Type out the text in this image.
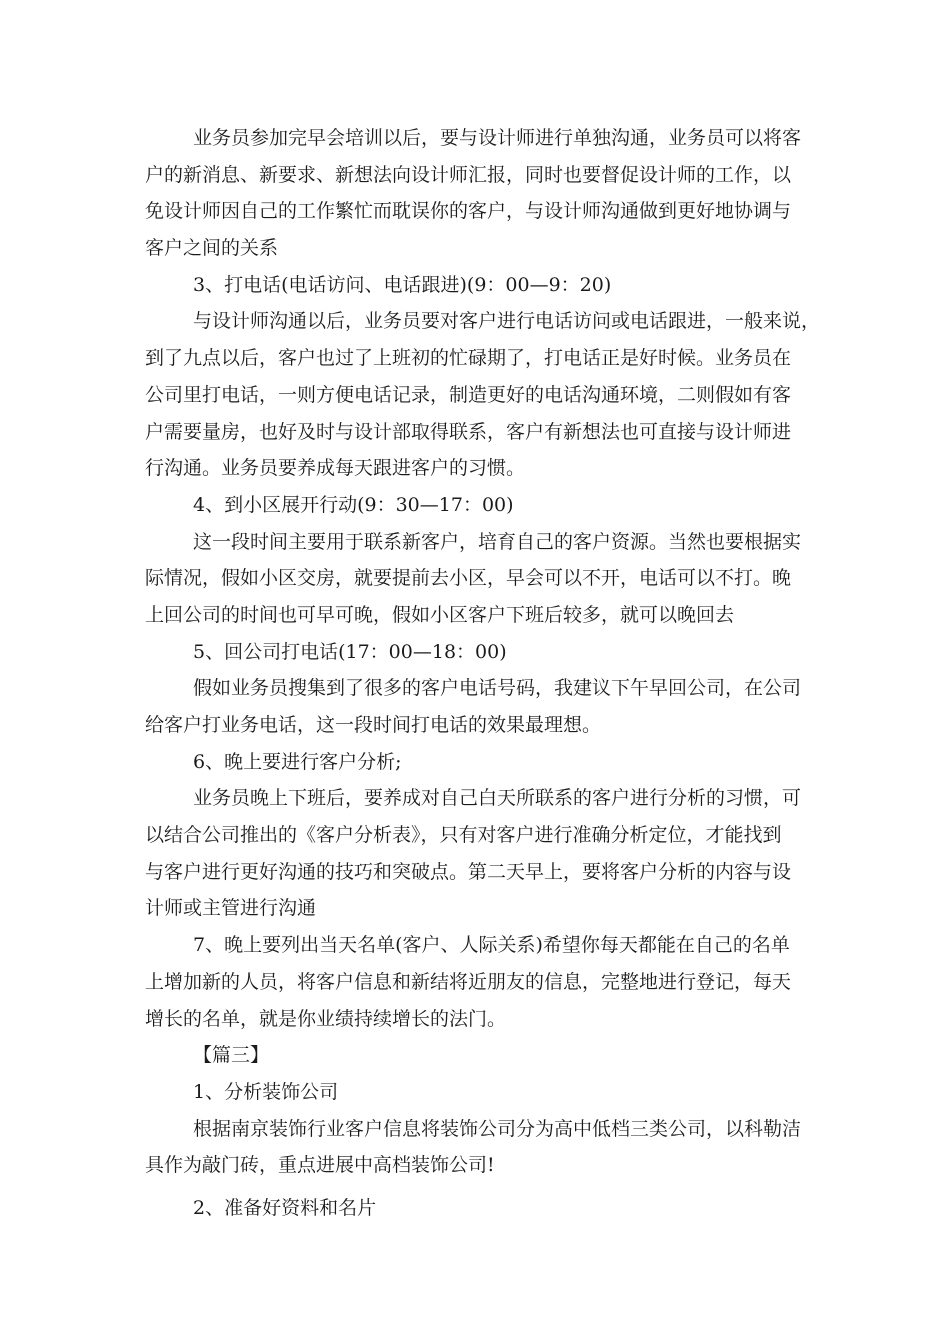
业务员参加完早会培训以后，要与设计师进行单独沟通，业务员可以将客
户的新消息、新要求、新想法向设计师汇报，同时也要督促设计师的工作，以
免设计师因自己的工作繁忙而耽误你的客户，与设计师沟通做到更好地协调与
客户之间的关系
3、打电话(电话访问、电话跟进)(9：00—9：20)
与设计师沟通以后，业务员要对客户进行电话访问或电话跟进，一般来说，
到了九点以后，客户也过了上班初的忙碌期了，打电话正是好时候。业务员在
公司里打电话，一则方便电话记录，制造更好的电话沟通环境，二则假如有客
户需要量房，也好及时与设计部取得联系，客户有新想法也可直接与设计师进
行沟通。业务员要养成每天跟进客户的习惯。
4、到小区展开行动(9：30—17：00)
这一段时间主要用于联系新客户，培育自己的客户资源。当然也要根据实
际情况，假如小区交房，就要提前去小区，早会可以不开，电话可以不打。晚
上回公司的时间也可早可晚，假如小区客户下班后较多，就可以晚回去
5、回公司打电话(17：00—18：00)
假如业务员搜集到了很多的客户电话号码，我建议下午早回公司，在公司
给客户打业务电话，这一段时间打电话的效果最理想。
6、晚上要进行客户分析;
业务员晚上下班后，要养成对自己白天所联系的客户进行分析的习惯，可
以结合公司推出的《客户分析表》，只有对客户进行准确分析定位，才能找到
与客户进行更好沟通的技巧和突破点。第二天早上，要将客户分析的内容与设
计师或主管进行沟通
7、晚上要列出当天名单(客户、人际关系)希望你每天都能在自己的名单
上增加新的人员，将客户信息和新结将近朋友的信息，完整地进行登记，每天
增长的名单，就是你业绩持续增长的法门。
【篇三】
1、分析装饰公司
根据南京装饰行业客户信息将装饰公司分为高中低档三类公司，以科勒洁
具作为敲门砖，重点进展中高档装饰公司!
2、准备好资料和名片
